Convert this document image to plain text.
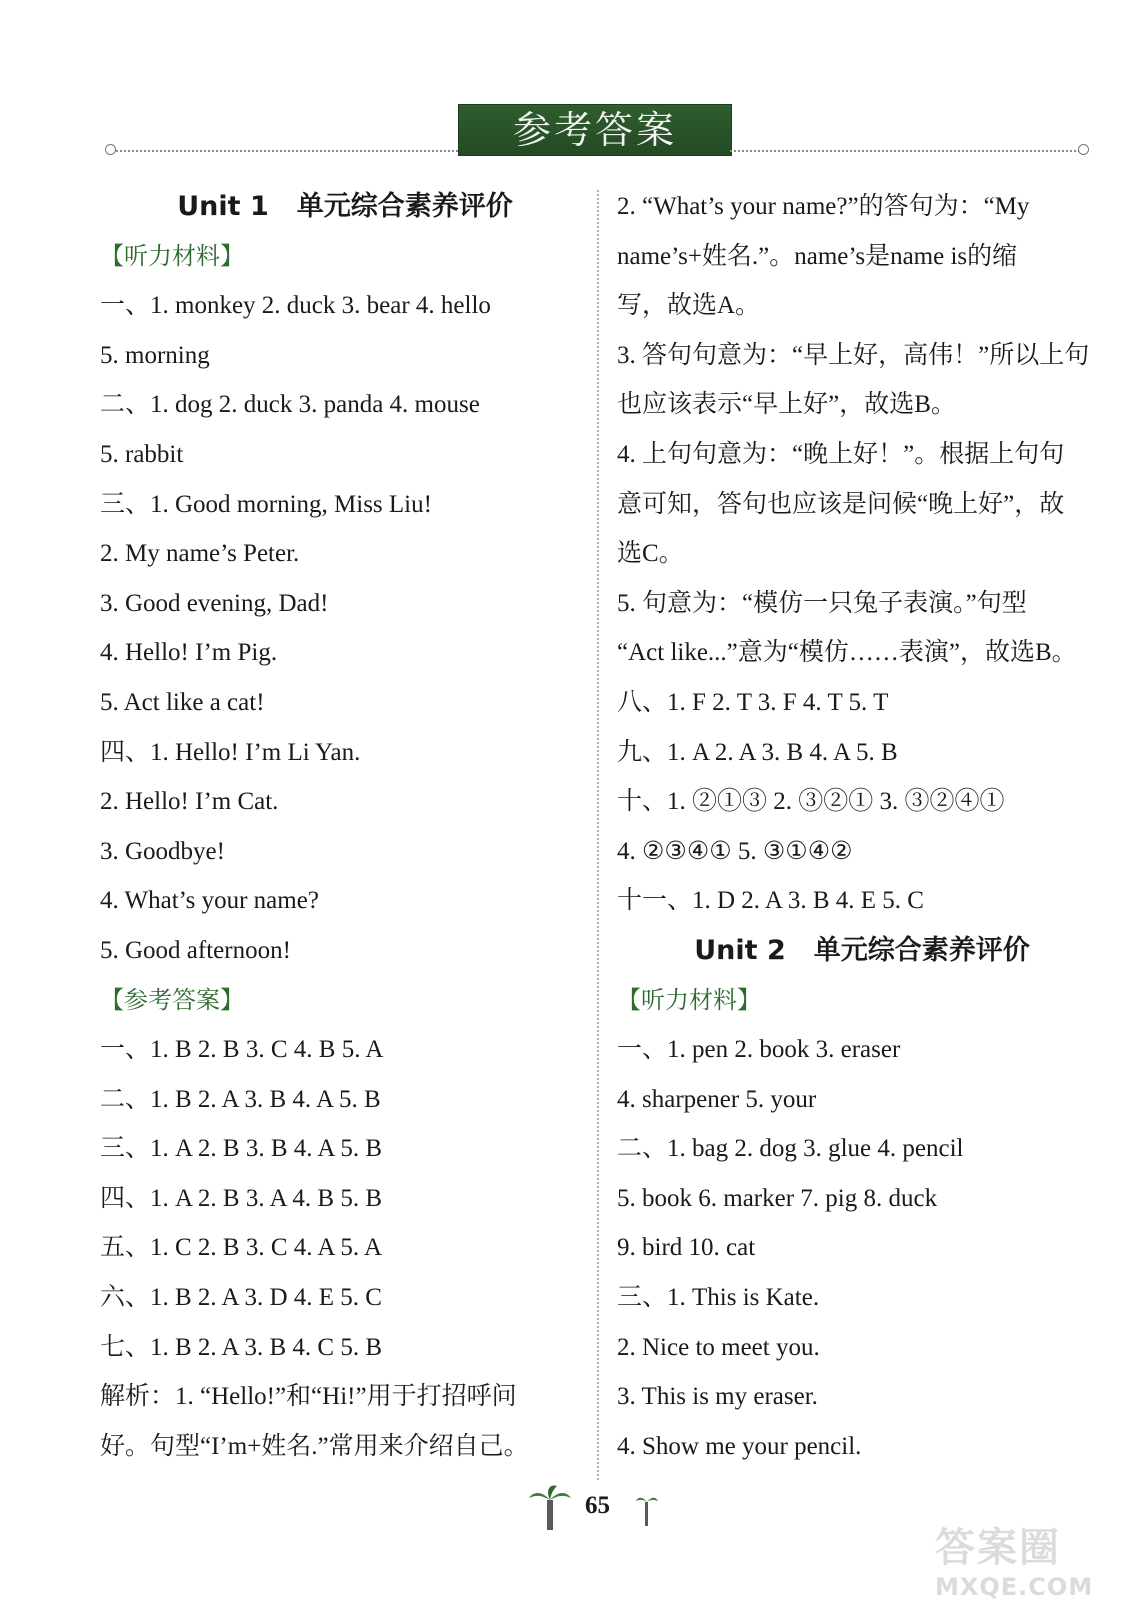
参考答案
Unit 1 单元综合素养评价
【听力材料】
一、1. monkey 2. duck 3. bear 4. hello
5. morning
二、1. dog 2. duck 3. panda 4. mouse
5. rabbit
三、1. Good morning, Miss Liu!
2. My name’s Peter.
3. Good evening, Dad!
4. Hello! I’m Pig.
5. Act like a cat!
四、1. Hello! I’m Li Yan.
2. Hello! I’m Cat.
3. Goodbye!
4. What’s your name?
5. Good afternoon!
【参考答案】
一、1. B 2. B 3. C 4. B 5. A
二、1. B 2. A 3. B 4. A 5. B
三、1. A 2. B 3. B 4. A 5. B
四、1. A 2. B 3. A 4. B 5. B
五、1. C 2. B 3. C 4. A 5. A
六、1. B 2. A 3. D 4. E 5. C
七、1. B 2. A 3. B 4. C 5. B
解析：1. “Hello!”和“Hi!”用于打招呼问
好。句型“I’m+姓名.”常用来介绍自己。
2. “What’s your name?”的答句为：“My
name’s+姓名.”。name’s是name is的缩
写，故选A。
3. 答句句意为：“早上好，高伟！”所以上句
也应该表示“早上好”，故选B。
4. 上句句意为：“晚上好！”。根据上句句
意可知，答句也应该是问候“晚上好”，故
选C。
5. 句意为：“模仿一只兔子表演。”句型
“Act like...”意为“模仿……表演”，故选B。
八、1. F 2. T 3. F 4. T 5. T
九、1. A 2. A 3. B 4. A 5. B
十、1. ②①③ 2. ③②① 3. ③②④①
4. ②③④① 5. ③①④②
十一、1. D 2. A 3. B 4. E 5. C
Unit 2 单元综合素养评价
【听力材料】
一、1. pen 2. book 3. eraser
4. sharpener 5. your
二、1. bag 2. dog 3. glue 4. pencil
5. book 6. marker 7. pig 8. duck
9. bird 10. cat
三、1. This is Kate.
2. Nice to meet you.
3. This is my eraser.
4. Show me your pencil.
65
答案圈
MXQE.COM
